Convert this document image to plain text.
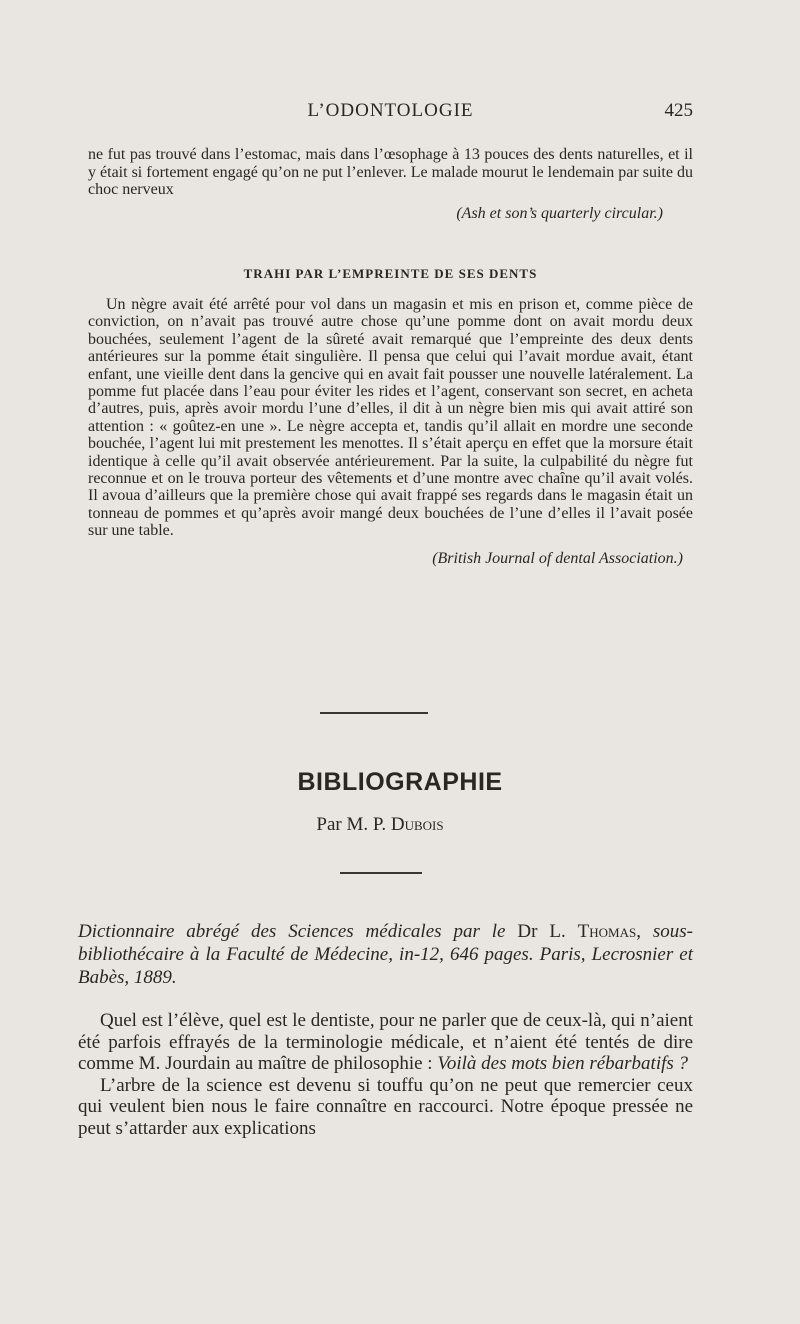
L’ODONTOLOGIE	425
ne fut pas trouvé dans l’estomac, mais dans l’œsophage à 13 pouces des dents naturelles, et il y était si fortement engagé qu’on ne put l’enlever. Le malade mourut le lendemain par suite du choc nerveux
(Ash et son’s quarterly circular.)
TRAHI PAR L’EMPREINTE DE SES DENTS
Un nègre avait été arrêté pour vol dans un magasin et mis en prison et, comme pièce de conviction, on n’avait pas trouvé autre chose qu’une pomme dont on avait mordu deux bouchées, seulement l’agent de la sûreté avait remarqué que l’empreinte des deux dents antérieures sur la pomme était singulière. Il pensa que celui qui l’avait mordue avait, étant enfant, une vieille dent dans la gencive qui en avait fait pousser une nouvelle latéralement. La pomme fut placée dans l’eau pour éviter les rides et l’agent, conservant son secret, en acheta d’autres, puis, après avoir mordu l’une d’elles, il dit à un nègre bien mis qui avait attiré son attention : « goûtez-en une ». Le nègre accepta et, tandis qu’il allait en mordre une seconde bouchée, l’agent lui mit prestement les menottes. Il s’était aperçu en effet que la morsure était identique à celle qu’il avait observée antérieurement. Par la suite, la culpabilité du nègre fut reconnue et on le trouva porteur des vêtements et d’une montre avec chaîne qu’il avait volés. Il avoua d’ailleurs que la première chose qui avait frappé ses regards dans le magasin était un tonneau de pommes et qu’après avoir mangé deux bouchées de l’une d’elles il l’avait posée sur une table.
(British Journal of dental Association.)
BIBLIOGRAPHIE
Par M. P. Dubois
Dictionnaire abrégé des Sciences médicales par le Dr L. Thomas, sous-bibliothécaire à la Faculté de Médecine, in-12, 646 pages. Paris, Lecrosnier et Babès, 1889.
Quel est l’élève, quel est le dentiste, pour ne parler que de ceux-là, qui n’aient été parfois effrayés de la terminologie médicale, et n’aient été tentés de dire comme M. Jourdain au maître de philosophie : Voilà des mots bien rébarbatifs ?
L’arbre de la science est devenu si touffu qu’on ne peut que remercier ceux qui veulent bien nous le faire connaître en raccourci. Notre époque pressée ne peut s’attarder aux explications
